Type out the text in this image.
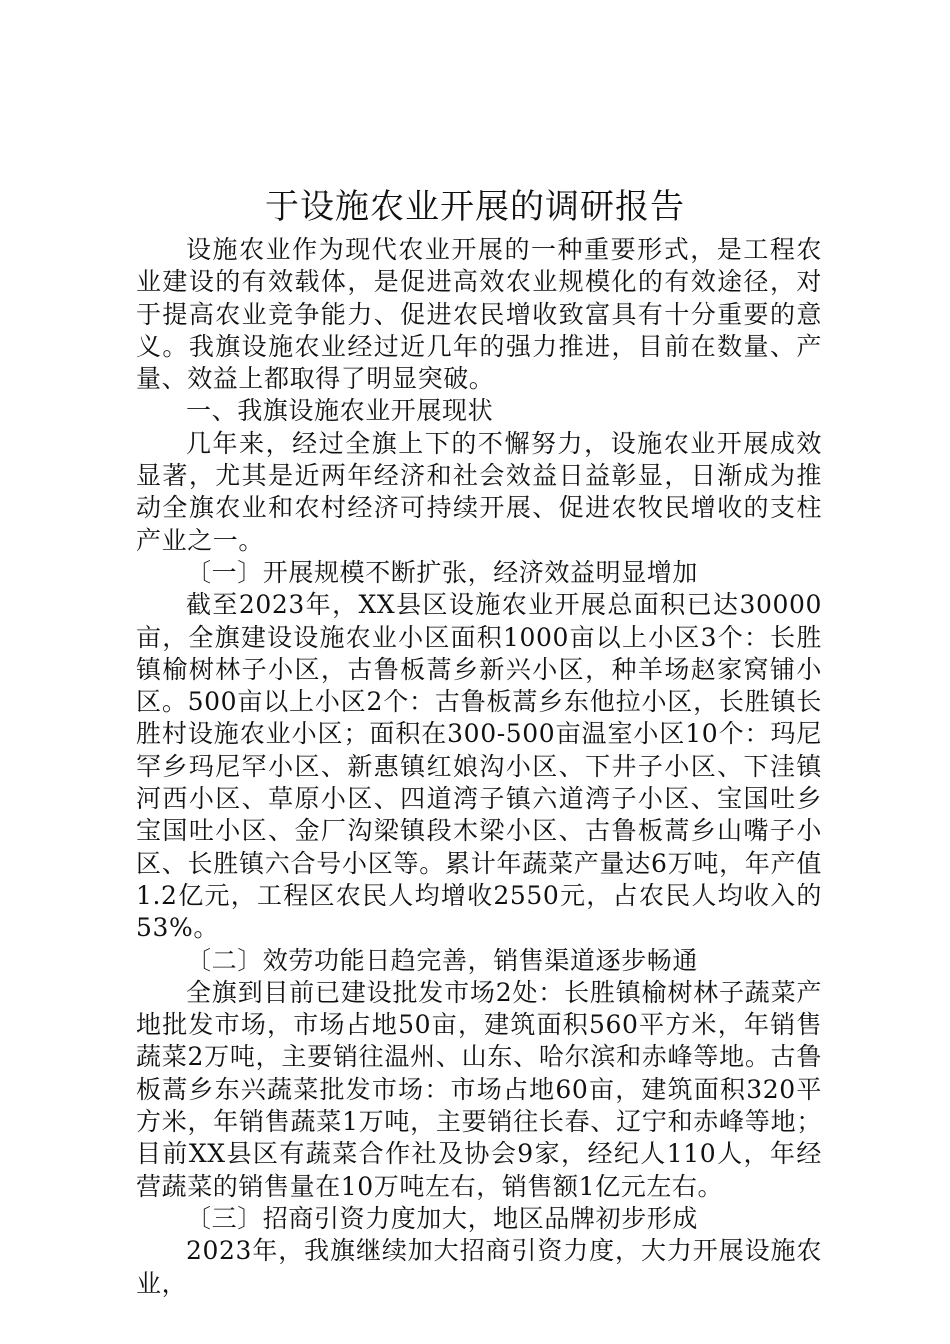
于设施农业开展的调研报告

设施农业作为现代农业开展的一种重要形式，是工程农业建设的有效载体，是促进高效农业规模化的有效途径，对于提高农业竞争能力、促进农民增收致富具有十分重要的意义。我旗设施农业经过近几年的强力推进，目前在数量、产量、效益上都取得了明显突破。

一、我旗设施农业开展现状

几年来，经过全旗上下的不懈努力，设施农业开展成效显著，尤其是近两年经济和社会效益日益彰显，日渐成为推动全旗农业和农村经济可持续开展、促进农牧民增收的支柱产业之一。

〔一〕开展规模不断扩张，经济效益明显增加

截至2023年，XX县区设施农业开展总面积已达30000亩，全旗建设设施农业小区面积1000亩以上小区3个：长胜镇榆树林子小区，古鲁板蒿乡新兴小区，种羊场赵家窝铺小区。500亩以上小区2个：古鲁板蒿乡东他拉小区，长胜镇长胜村设施农业小区；面积在300-500亩温室小区10个：玛尼罕乡玛尼罕小区、新惠镇红娘沟小区、下井子小区、下洼镇河西小区、草原小区、四道湾子镇六道湾子小区、宝国吐乡宝国吐小区、金厂沟梁镇段木梁小区、古鲁板蒿乡山嘴子小区、长胜镇六合号小区等。累计年蔬菜产量达6万吨，年产值1.2亿元，工程区农民人均增收2550元，占农民人均收入的53%。

〔二〕效劳功能日趋完善，销售渠道逐步畅通

全旗到目前已建设批发市场2处：长胜镇榆树林子蔬菜产地批发市场，市场占地50亩，建筑面积560平方米，年销售蔬菜2万吨，主要销往温州、山东、哈尔滨和赤峰等地。古鲁板蒿乡东兴蔬菜批发市场：市场占地60亩，建筑面积320平方米，年销售蔬菜1万吨，主要销往长春、辽宁和赤峰等地；目前XX县区有蔬菜合作社及协会9家，经纪人110人，年经营蔬菜的销售量在10万吨左右，销售额1亿元左右。

〔三〕招商引资力度加大，地区品牌初步形成

2023年，我旗继续加大招商引资力度，大力开展设施农业，
